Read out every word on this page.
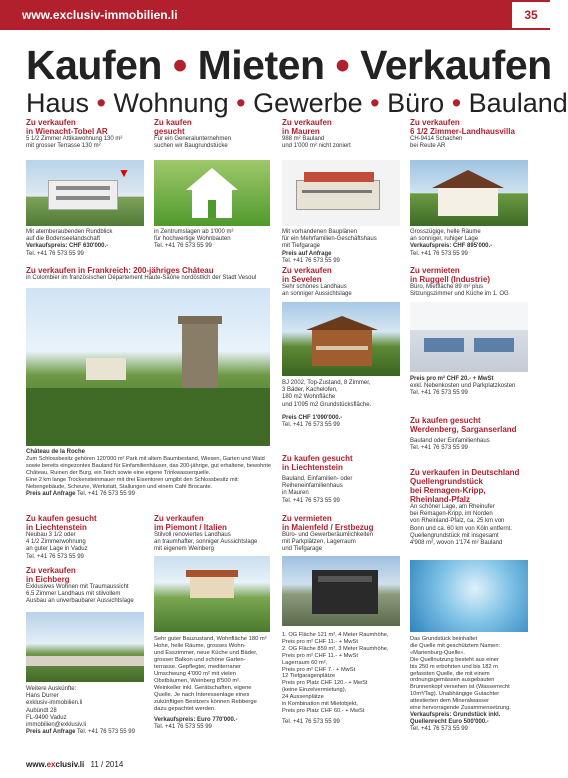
www.exclusiv-immobilien.li	35
Kaufen • Mieten • Verkaufen
Haus • Wohnung • Gewerbe • Büro • Bauland
Zu verkaufen
in Wienacht-Tobel AR
5 1/2 Zimmer Attikawohnung 130 m²
mit grosser Terrasse 130 m²
▼
Mit atemberaubenden Rundblick
auf die Bodenseelandschaft
Verkaufspreis: CHF 630'000.-
Tel. +41 76 573 55 99
Zu kaufen
gesucht
Für ein Generalunternehmen
suchen wir Baugrundstücke
in Zentrumslagen ab 1'000 m²
für hochwertige Wohnbauten
Tel. +41 76 573 55 99
Zu verkaufen
in Mauren
988 m² Bauland
und 1'000 m² nicht zoniert
Mit vorhandenen Bauplänen
für ein Mehrfamilien-Geschäftshaus
mit Tiefgarage
Preis auf Anfrage
Tel. +41 76 573 55 99
Zu verkaufen
6 1/2 Zimmer-Landhausvilla
CH-9414 Schachen
bei Reute AR
Grosszügige, helle Räume
an sonniger, ruhiger Lage
Verkaufspreis: CHF 895'000.-
Tel. +41 76 573 55 99
Zu verkaufen in Frankreich: 200-jähriges Château
in Colombier im französischen Département Haute-Saône nordöstlich der Stadt Vesoul
Château de la Roche
Zum Schlossbesitz gehören 120'000 m² Park mit altem Baumbestand, Wiesen, Garten und Wald sowie bereits eingezontes Bauland für Einfamilienhäuser, das 200-jährige, gut erhaltene, bewohnte Château, Ruinen der Burg, ein Teich sowie eine eigene Trinkwasserquelle.
Eine 2 km lange Trockensteinmauer mit drei Eisentoren umgibt den Schlossbesitz mit: Nebengebäude, Scheune, Werkstatt, Stallungen und einem Café Brocante.
Preis auf Anfrage Tel. +41 76 573 55 99
Zu verkaufen
in Sevelen
Sehr schönes Landhaus
an sonniger Aussichtslage
BJ 2002, Top-Zustand, 8 Zimmer,
3 Bäder, Kachelofen,
180 m2 Wohnfläche
und 1'095 m2 Grundstücksfläche.
Preis CHF 1'090'000.-
Tel. +41 76 573 55 99
Zu vermieten
in Ruggell (Industrie)
Büro, Mietfläche 89 m² plus
Sitzungszimmer und Küche im 1. OG
Preis pro m² CHF 20.- + MwSt
exkl. Nebenkosten und Parkplatzkosten
Tel. +41 76 573 55 99
Zu kaufen gesucht
Werdenberg, Sarganserland
Bauland oder Einfamilienhaus
Tel. +41 76 573 55 99
Zu kaufen gesucht
in Liechtenstein
Bauland, Einfamilien- oder
Reiheneinfamilienhaus
in Mauren
Tel. +41 76 573 55 99
Zu kaufen gesucht
in Liechtenstein
Neubau 3 1/2 oder
4 1/2 Zimmerwohnung
an guter Lage in Vaduz
Tel. +41 76 573 55 99
Zu verkaufen
in Eichberg
Exklusives Wohnen mit Traumaussicht
6.5 Zimmer Landhaus mit stilvollem
Ausbau an unverbaubarer Aussichtslage
Weitere Auskünfte:
Hans Durrer
exklusiv-immobilien.li
Aubündt 28
FL-9490 Vaduz
immobilien@exklusiv.li
Preis auf Anfrage Tel. +41 76 573 55 99
Zu verkaufen
im Piemont / Italien
Stilvoll renoviertes Landhaus
an traumhafter, sonniger Aussichtslage
mit eigenem Weinberg
Sehr guter Bauzustand, Wohnfläche 180 m²
Hohe, helle Räume, grosses Wohn-
und Esszimmer, neue Küche und Bäder,
grosser Balkon und schöne Garten-
terrasse. Gepflegter, mediterraner
Umschwung 4'000 m² mit vielen
Obstbäumen, Weinberg 8'500 m².
Weinkeller inkl. Gerätschaften, eigene
Quelle. Je nach Interessenlage eines
zukünftigen Besitzers können Rebberge
dazu gepachtet werden.
Verkaufspreis: Euro 770'000.-
Tel. +41 76 573 55 99
Zu vermieten
in Maienfeld / Erstbezug
Büro- und Gewerberäumlichkeiten
mit Parkplätzen, Lagerraum
und Tiefgarage
1. OG Fläche 121 m², 4 Meter Raumhöhe,
Preis pro m² CHF 11.- + MwSt
2. OG Fläche 859 m², 3 Meter Raumhöhe,
Preis pro m² CHF 11.- + MwSt
Lagerraum 60 m²,
Preis pro m² CHF 7.- + MwSt
12 Tiefgaragenplätze
Preis pro Platz CHF 120.- + MwSt
(keine Einzelvermietung),
24 Aussenplätze
in Kombination mit Mietobjekt,
Preis pro Platz CHF 60.- + MwSt
Tel. +41 76 573 55 99
Zu verkaufen in Deutschland
Quellengrundstück
bei Remagen-Kripp,
Rheinland-Pfalz
An schöner Lage, am Rheinufer
bei Remagen-Kripp, im Norden
von Rheinland-Pfalz, ca. 25 km von
Bonn und ca. 60 km von Köln entfernt.
Quellengrundstück mit insgesamt
4'908 m², wovon 1'174 m² Bauland
Das Grundstück beinhaltet
die Quelle mit geschütztem Namen:
«Marienburg-Quelle».
Die Quellnutzung besteht aus einer
bis 250 m erbohrten und bis 182 m
gefassten Quelle, die mit einem
ordnungsgemässen ausgebauten
Brunnenkopf versehen ist (Wasserrecht
10m³/Tag). Unabhängige Gutachter
attestierten dem Mineralwasser
eine hervorragende Zusammensetzung.
Verkaufspreis: Grundstück inkl.
Quellenrecht Euro 500'000.-
Tel. +41 76 573 55 99
www.exclusiv.li 11 / 2014
